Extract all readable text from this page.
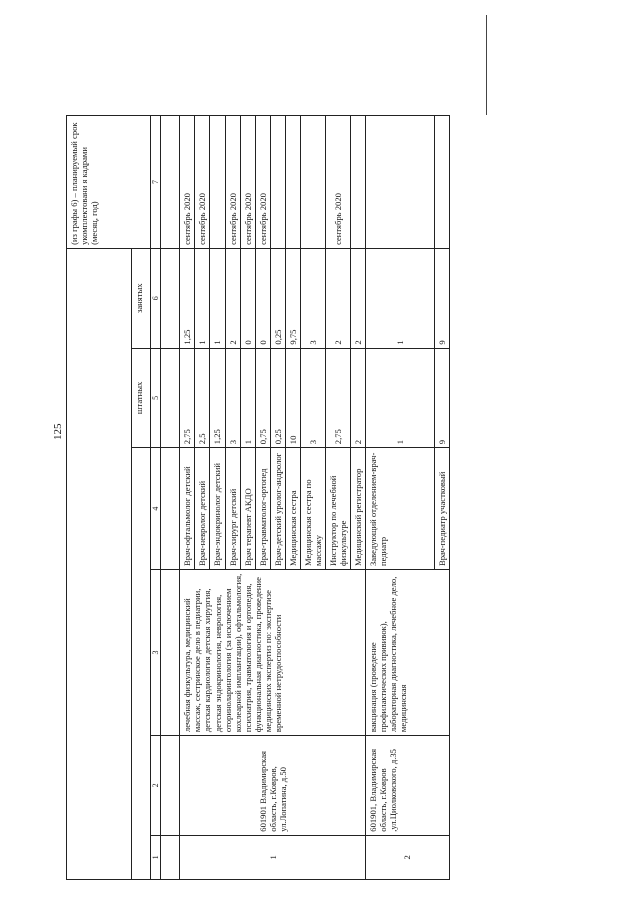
125
						(из графы 6) – планируемый срок укомплектовани я кадрами (месяц, год)
				штатных	занятых	
1	2	3	4	5	6	7

1	601901 Владимирская область, г.Ковров, ул.Лопатина, д.50	лечебная физкультура, медицинский массаж, сестринское дело в педиатрии, детская кардиология детская хирургия, детская эндокринология, неврология, оториноларингология (за исключением кохлеарной имплантации), офтальмология, психиатрия, травматология и ортопедия, функциональная диагностика, проведение медицинских экспертиз по: экспертизе временной нетрудоспособности	Врач-офтальмолог детский	2,75	1,25	сентябрь 2020
			Врач-невролог детский	2,5	1	сентябрь 2020
			Врач-эндокринолог детский	1,25	1	
			Врач-хирург детский	3	2	сентябрь 2020
			Врач терапевт АКДО	1	0	сентябрь 2020
			Врач-травматолог-ортопед	0,75	0	сентябрь 2020
			Врач-детский уролог-андролог	0,25	0,25	
			Медицинская сестра	10	9,75	
			Медицинская сестра по массажу	3	3	
			Инструктор по лечебной физкультуре	2,75	2	сентябрь 2020
			Медицинский регистратор	2	2	
2	601901, Владимирская область, г.Ковров ,ул.Циолковского, д.35	вакцинация (проведение профилактических прививок), лабораторная диагностика, лечебное дело, медицинская	Заведующий отделением-врач-педиатр	1	1	
			Врач-педиатр участковый	9	9	
